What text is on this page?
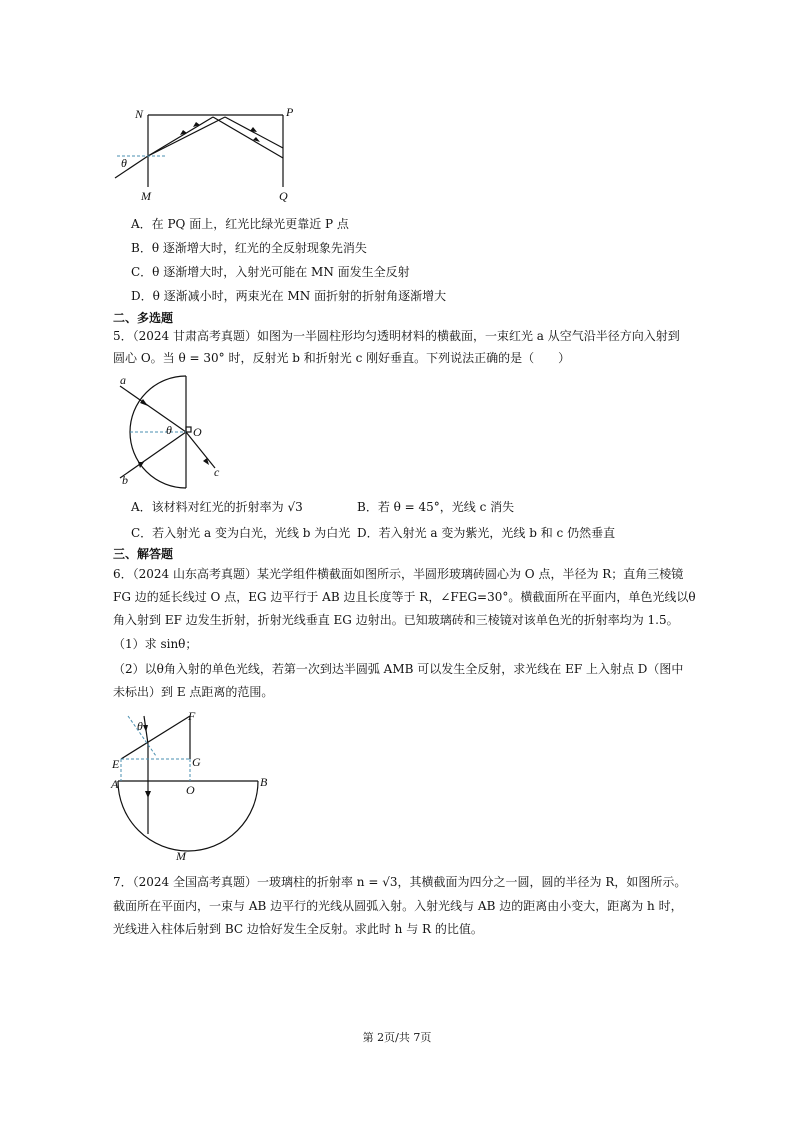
N	P
M	Q
θ
A．在 PQ 面上，红光比绿光更靠近 P 点
B．θ 逐渐增大时，红光的全反射现象先消失
C．θ 逐渐增大时，入射光可能在 MN 面发生全反射
D．θ 逐渐减小时，两束光在 MN 面折射的折射角逐渐增大
二、多选题
5．（2024 甘肃高考真题）如图为一半圆柱形均匀透明材料的横截面，一束红光 a 从空气沿半径方向入射到
圆心 O。当 θ = 30° 时，反射光 b 和折射光 c 刚好垂直。下列说法正确的是（　　）
a
b
c
O
θ
A．该材料对红光的折射率为 √3	B．若 θ = 45°，光线 c 消失
C．若入射光 a 变为白光，光线 b 为白光 D．若入射光 a 变为紫光，光线 b 和 c 仍然垂直
三、解答题
6．（2024 山东高考真题）某光学组件横截面如图所示，半圆形玻璃砖圆心为 O 点，半径为 R；直角三棱镜
FG 边的延长线过 O 点，EG 边平行于 AB 边且长度等于 R，∠FEG=30°。横截面所在平面内，单色光线以θ
角入射到 EF 边发生折射，折射光线垂直 EG 边射出。已知玻璃砖和三棱镜对该单色光的折射率均为 1.5。
（1）求 sinθ；
（2）以θ角入射的单色光线，若第一次到达半圆弧 AMB 可以发生全反射，求光线在 EF 上入射点 D（图中
未标出）到 E 点距离的范围。
F
E	G
A	O
B
M
θ
7．（2024 全国高考真题）一玻璃柱的折射率 n = √3，其横截面为四分之一圆，圆的半径为 R，如图所示。
截面所在平面内，一束与 AB 边平行的光线从圆弧入射。入射光线与 AB 边的距离由小变大，距离为 h 时，
光线进入柱体后射到 BC 边恰好发生全反射。求此时 h 与 R 的比值。
第 2页/共 7页
